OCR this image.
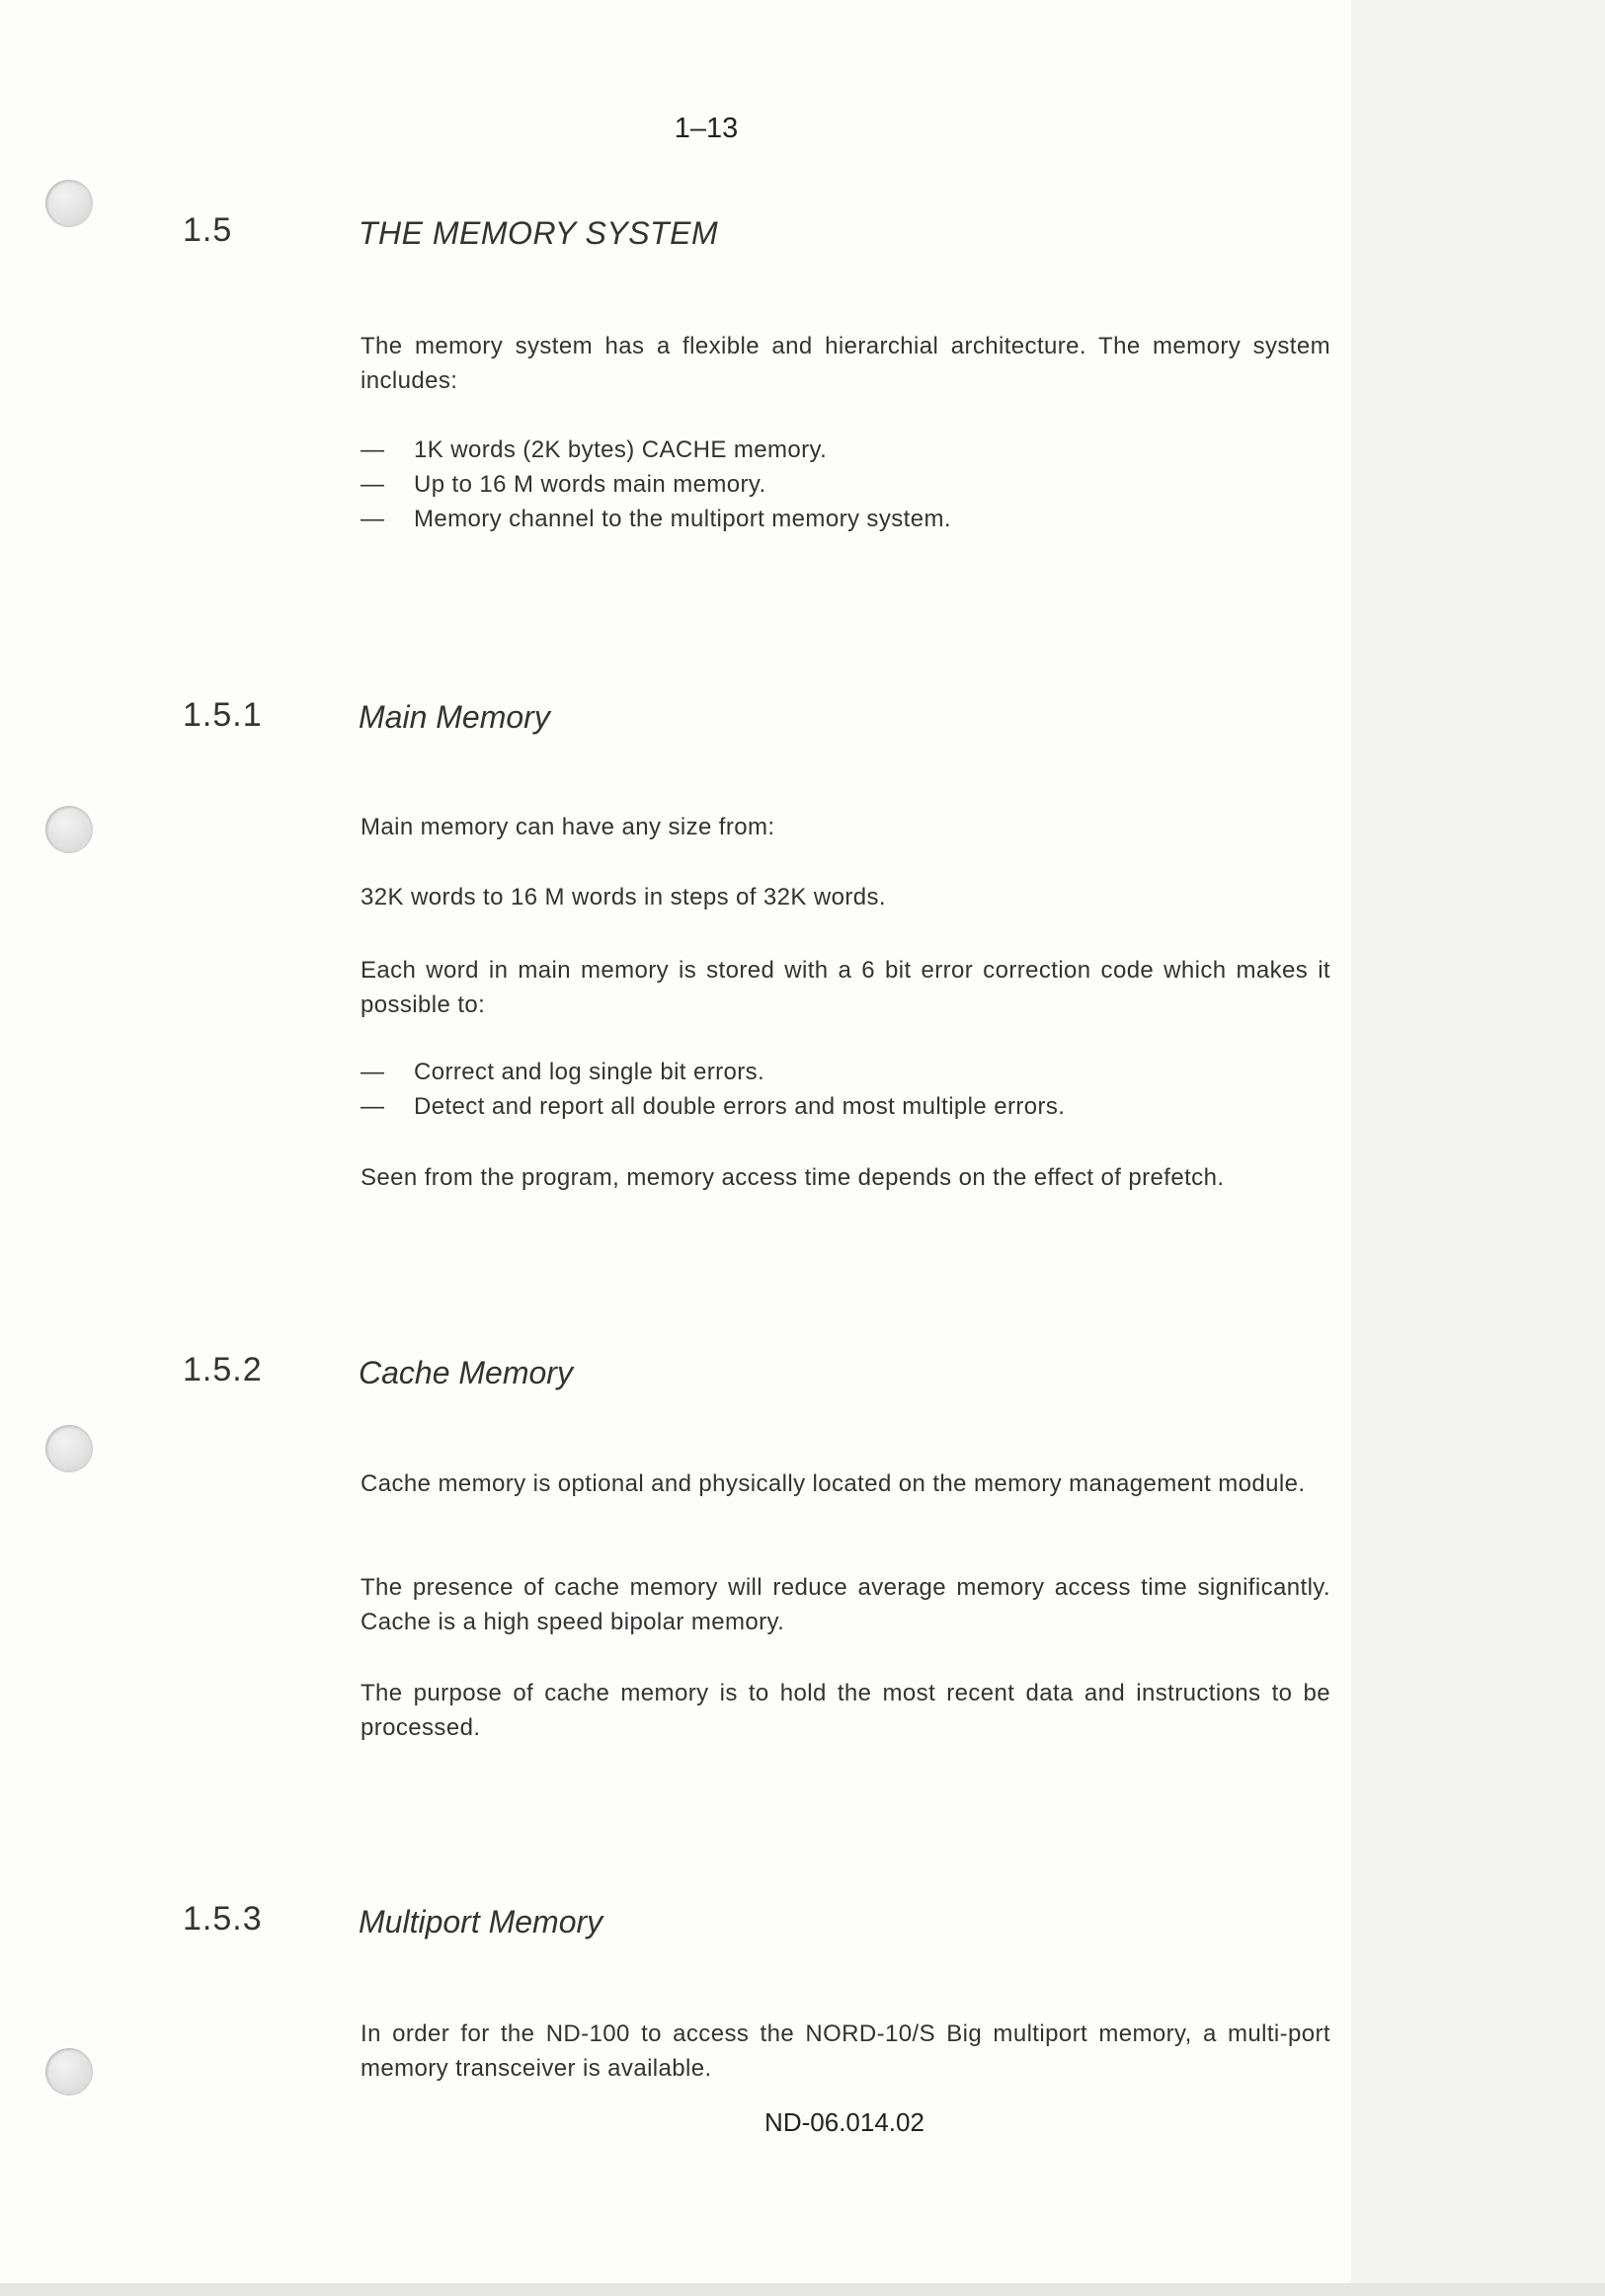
1–13
1.5	THE MEMORY SYSTEM
The memory system has a flexible and hierarchial architecture. The memory system includes:
— 1K words (2K bytes) CACHE memory.
— Up to 16 M words main memory.
— Memory channel to the multiport memory system.
1.5.1	Main Memory
Main memory can have any size from:
32K words to 16 M words in steps of 32K words.
Each word in main memory is stored with a 6 bit error correction code which makes it possible to:
— Correct and log single bit errors.
— Detect and report all double errors and most multiple errors.
Seen from the program, memory access time depends on the effect of prefetch.
1.5.2	Cache Memory
Cache memory is optional and physically located on the memory management module.
The presence of cache memory will reduce average memory access time significantly. Cache is a high speed bipolar memory.
The purpose of cache memory is to hold the most recent data and instructions to be processed.
1.5.3	Multiport Memory
In order for the ND-100 to access the NORD-10/S Big multiport memory, a multi-port memory transceiver is available.
ND-06.014.02
